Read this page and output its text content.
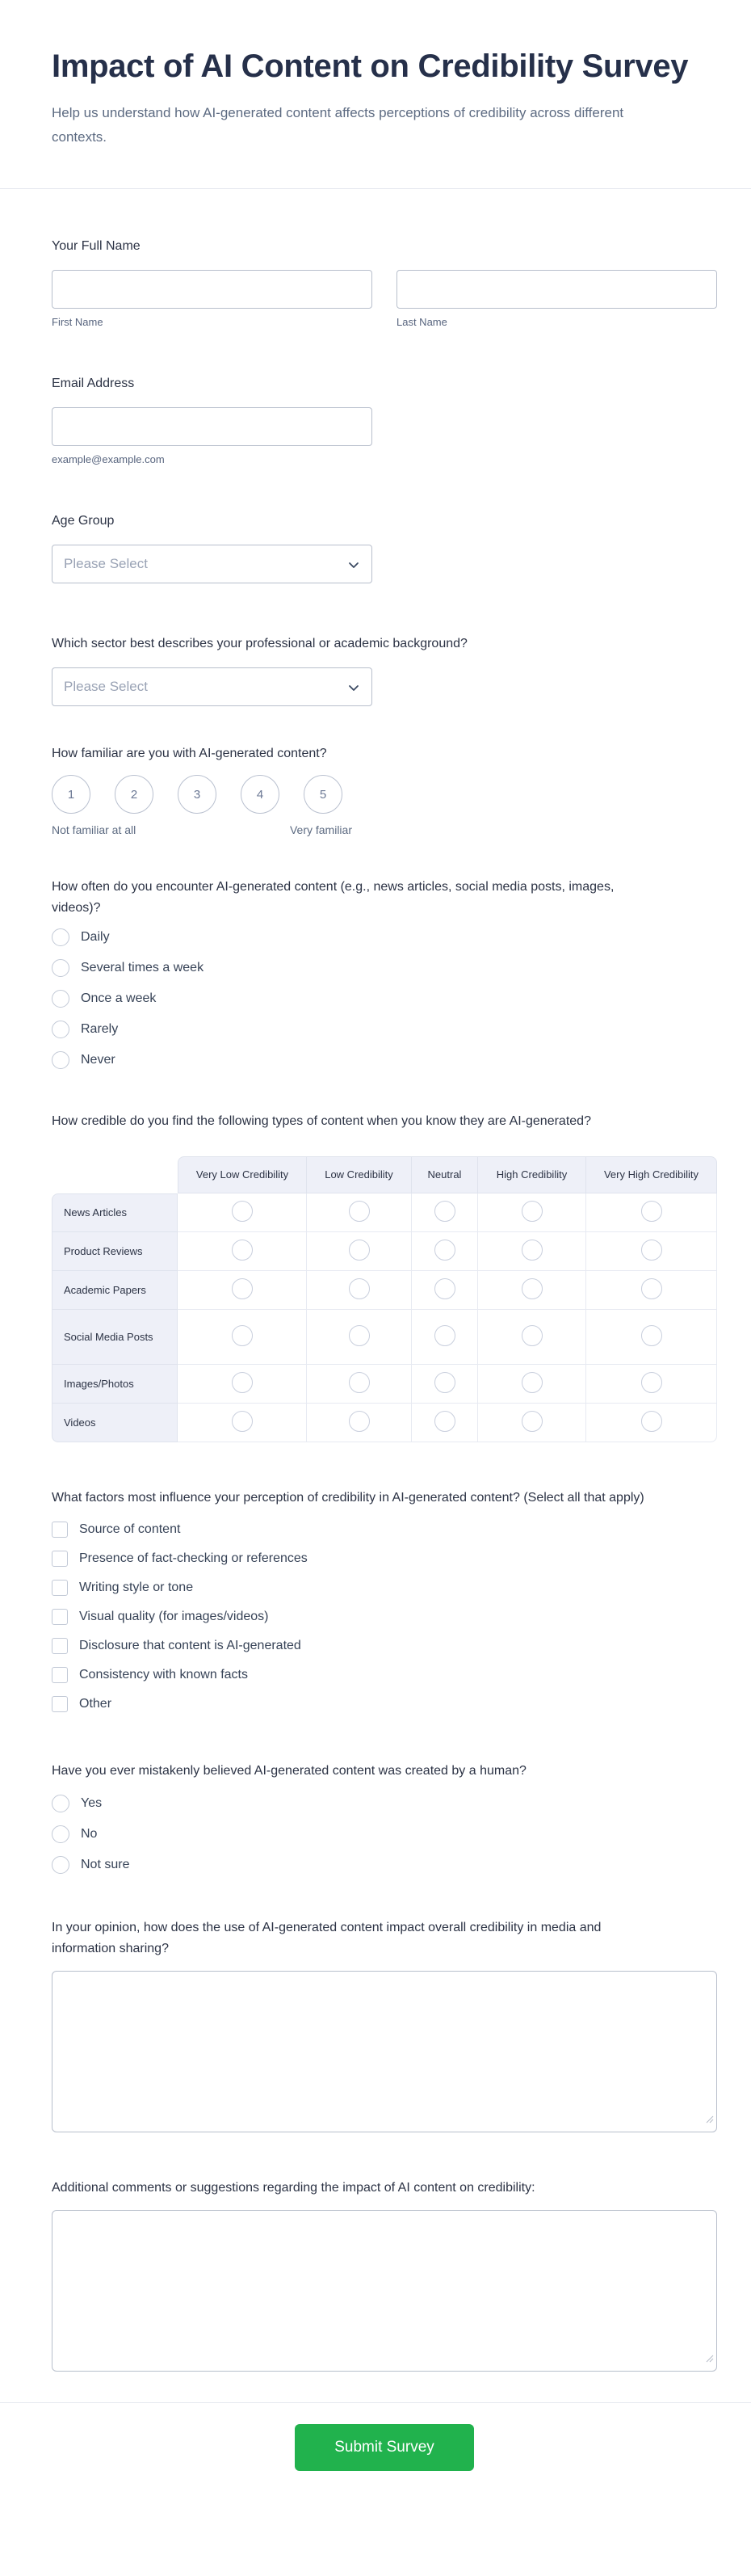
Impact of AI Content on Credibility Survey

Help us understand how AI-generated content affects perceptions of credibility across different contexts.

Your Full Name

First Name	Last Name

Email Address

example@example.com

Age Group

Please Select

Which sector best describes your professional or academic background?

Please Select

How familiar are you with AI-generated content?

1	2	3	4	5
Not familiar at all	Very familiar

How often do you encounter AI-generated content (e.g., news articles, social media posts, images, videos)?

Daily
Several times a week
Once a week
Rarely
Never

How credible do you find the following types of content when you know they are AI-generated?

	Very Low Credibility	Low Credibility	Neutral	High Credibility	Very High Credibility
News Articles					
Product Reviews					
Academic Papers					
Social Media Posts					
Images/Photos					
Videos					

What factors most influence your perception of credibility in AI-generated content? (Select all that apply)

Source of content
Presence of fact-checking or references
Writing style or tone
Visual quality (for images/videos)
Disclosure that content is AI-generated
Consistency with known facts
Other

Have you ever mistakenly believed AI-generated content was created by a human?

Yes
No
Not sure

In your opinion, how does the use of AI-generated content impact overall credibility in media and information sharing?

Additional comments or suggestions regarding the impact of AI content on credibility:

Submit Survey
